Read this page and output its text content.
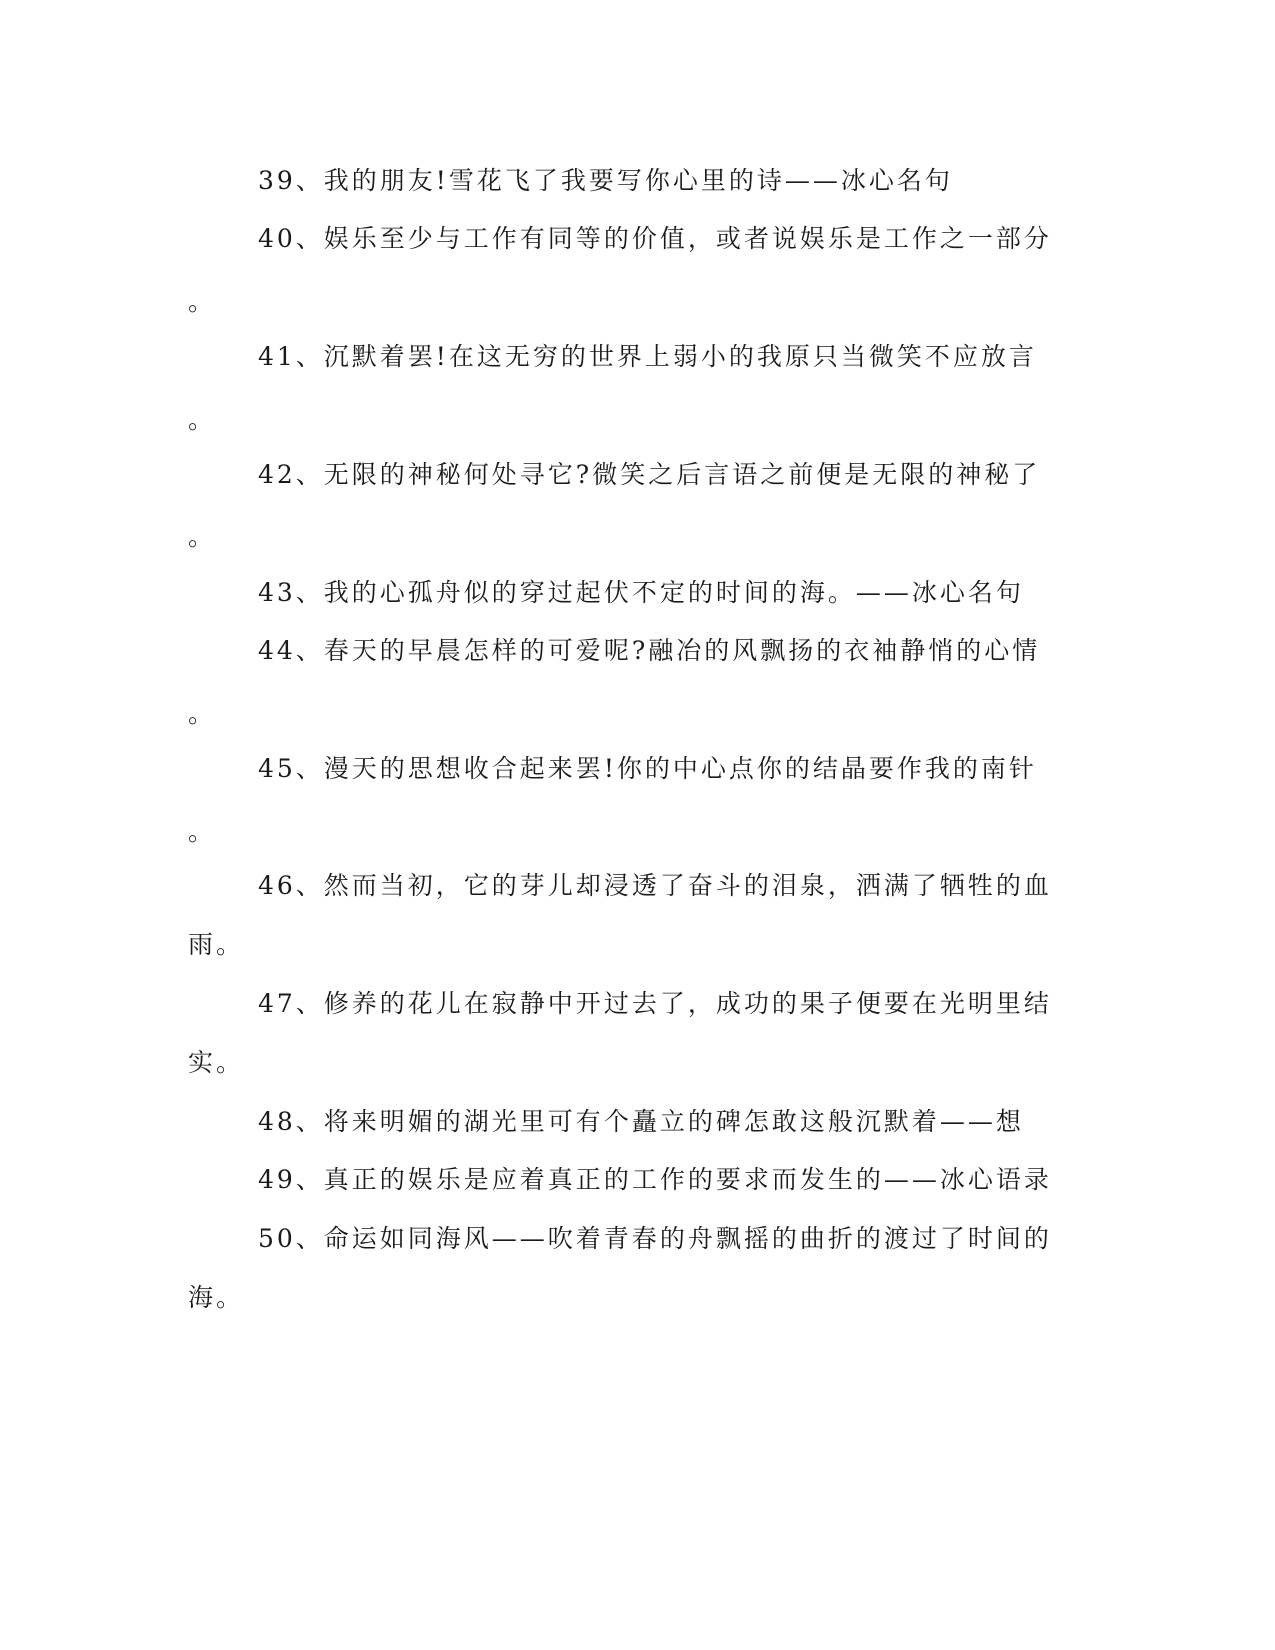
39、我的朋友!雪花飞了我要写你心里的诗——冰心名句
40、娱乐至少与工作有同等的价值，或者说娱乐是工作之一部分
。
41、沉默着罢!在这无穷的世界上弱小的我原只当微笑不应放言
。
42、无限的神秘何处寻它?微笑之后言语之前便是无限的神秘了
。
43、我的心孤舟似的穿过起伏不定的时间的海。——冰心名句
44、春天的早晨怎样的可爱呢?融冶的风飘扬的衣袖静悄的心情
。
45、漫天的思想收合起来罢!你的中心点你的结晶要作我的南针
。
46、然而当初，它的芽儿却浸透了奋斗的泪泉，洒满了牺牲的血
雨。
47、修养的花儿在寂静中开过去了，成功的果子便要在光明里结
实。
48、将来明媚的湖光里可有个矗立的碑怎敢这般沉默着——想
49、真正的娱乐是应着真正的工作的要求而发生的——冰心语录
50、命运如同海风——吹着青春的舟飘摇的曲折的渡过了时间的
海。
